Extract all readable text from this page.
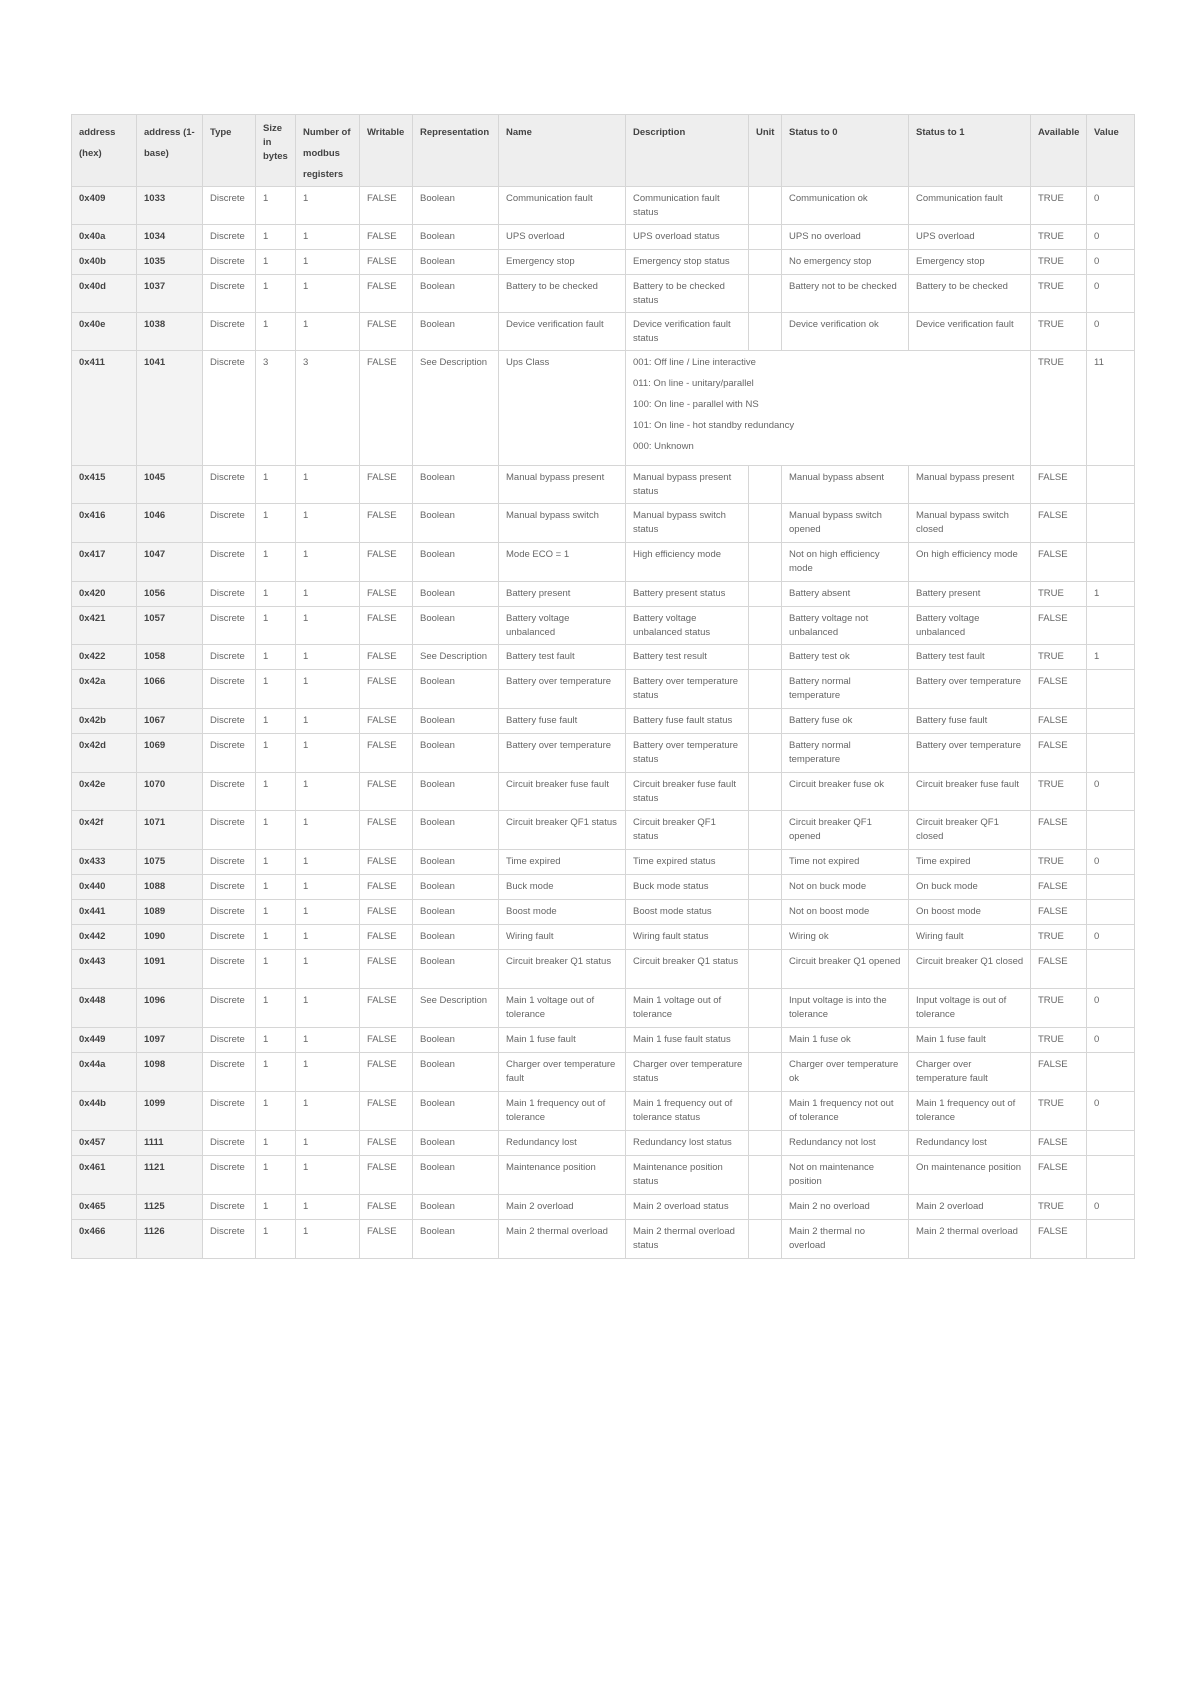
address (hex)	address (1-base)	Type	Size in bytes	Number of modbus registers	Writable	Representation	Name	Description	Unit	Status to 0	Status to 1	Available	Value
0x409	1033	Discrete	1	1	FALSE	Boolean	Communication fault	Communication fault status		Communication ok	Communication fault	TRUE	0
0x40a	1034	Discrete	1	1	FALSE	Boolean	UPS overload	UPS overload status		UPS no overload	UPS overload	TRUE	0
0x40b	1035	Discrete	1	1	FALSE	Boolean	Emergency stop	Emergency stop status		No emergency stop	Emergency stop	TRUE	0
0x40d	1037	Discrete	1	1	FALSE	Boolean	Battery to be checked	Battery to be checked status		Battery not to be checked	Battery to be checked	TRUE	0
0x40e	1038	Discrete	1	1	FALSE	Boolean	Device verification fault	Device verification fault status		Device verification ok	Device verification fault	TRUE	0
0x411	1041	Discrete	3	3	FALSE	See Description	Ups Class	001: Off line / Line interactive
011: On line - unitary/parallel
100: On line - parallel with NS
101: On line - hot standby redundancy
000: Unknown				TRUE	11
0x415	1045	Discrete	1	1	FALSE	Boolean	Manual bypass present	Manual bypass present status		Manual bypass absent	Manual bypass present	FALSE	
0x416	1046	Discrete	1	1	FALSE	Boolean	Manual bypass switch	Manual bypass switch status		Manual bypass switch opened	Manual bypass switch closed	FALSE	
0x417	1047	Discrete	1	1	FALSE	Boolean	Mode ECO = 1	High efficiency mode		Not on high efficiency mode	On high efficiency mode	FALSE	
0x420	1056	Discrete	1	1	FALSE	Boolean	Battery present	Battery present status		Battery absent	Battery present	TRUE	1
0x421	1057	Discrete	1	1	FALSE	Boolean	Battery voltage unbalanced	Battery voltage unbalanced status		Battery voltage not unbalanced	Battery voltage unbalanced	FALSE	
0x422	1058	Discrete	1	1	FALSE	See Description	Battery test fault	Battery test result		Battery test ok	Battery test fault	TRUE	1
0x42a	1066	Discrete	1	1	FALSE	Boolean	Battery over temperature	Battery over temperature status		Battery normal temperature	Battery over temperature	FALSE	
0x42b	1067	Discrete	1	1	FALSE	Boolean	Battery fuse fault	Battery fuse fault status		Battery fuse ok	Battery fuse fault	FALSE	
0x42d	1069	Discrete	1	1	FALSE	Boolean	Battery over temperature	Battery over temperature status		Battery normal temperature	Battery over temperature	FALSE	
0x42e	1070	Discrete	1	1	FALSE	Boolean	Circuit breaker fuse fault	Circuit breaker fuse fault status		Circuit breaker fuse ok	Circuit breaker fuse fault	TRUE	0
0x42f	1071	Discrete	1	1	FALSE	Boolean	Circuit breaker QF1 status	Circuit breaker QF1 status		Circuit breaker QF1 opened	Circuit breaker QF1 closed	FALSE	
0x433	1075	Discrete	1	1	FALSE	Boolean	Time expired	Time expired status		Time not expired	Time expired	TRUE	0
0x440	1088	Discrete	1	1	FALSE	Boolean	Buck mode	Buck mode status		Not on buck mode	On buck mode	FALSE	
0x441	1089	Discrete	1	1	FALSE	Boolean	Boost mode	Boost mode status		Not on boost mode	On boost mode	FALSE	
0x442	1090	Discrete	1	1	FALSE	Boolean	Wiring fault	Wiring fault status		Wiring ok	Wiring fault	TRUE	0
0x443	1091	Discrete	1	1	FALSE	Boolean	Circuit breaker Q1 status	Circuit breaker Q1 status		Circuit breaker Q1 opened	Circuit breaker Q1 closed	FALSE	
0x448	1096	Discrete	1	1	FALSE	See Description	Main 1 voltage out of tolerance	Main 1 voltage out of tolerance		Input voltage is into the tolerance	Input voltage is out of tolerance	TRUE	0
0x449	1097	Discrete	1	1	FALSE	Boolean	Main 1 fuse fault	Main 1 fuse fault status		Main 1 fuse ok	Main 1 fuse fault	TRUE	0
0x44a	1098	Discrete	1	1	FALSE	Boolean	Charger over temperature fault	Charger over temperature status		Charger over temperature ok	Charger over temperature fault	FALSE	
0x44b	1099	Discrete	1	1	FALSE	Boolean	Main 1 frequency out of tolerance	Main 1 frequency out of tolerance status		Main 1 frequency not out of tolerance	Main 1 frequency out of tolerance	TRUE	0
0x457	1111	Discrete	1	1	FALSE	Boolean	Redundancy lost	Redundancy lost status		Redundancy not lost	Redundancy lost	FALSE	
0x461	1121	Discrete	1	1	FALSE	Boolean	Maintenance position	Maintenance position status		Not on maintenance position	On maintenance position	FALSE	
0x465	1125	Discrete	1	1	FALSE	Boolean	Main 2 overload	Main 2 overload status		Main 2 no overload	Main 2 overload	TRUE	0
0x466	1126	Discrete	1	1	FALSE	Boolean	Main 2 thermal overload	Main 2 thermal overload status		Main 2 thermal no overload	Main 2 thermal overload	FALSE	
